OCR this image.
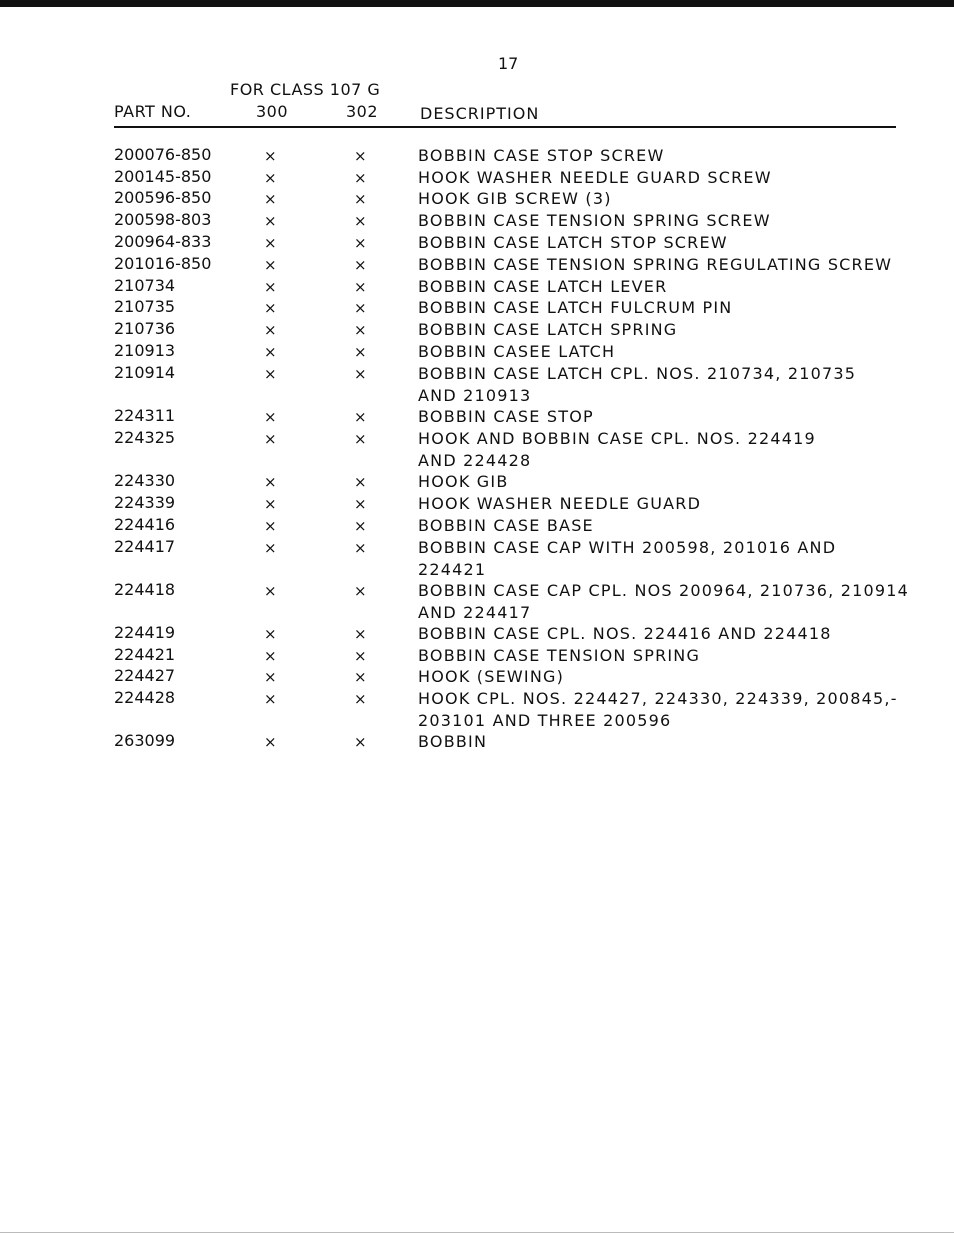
17
FOR CLASS 107 G
PART NO.	300	302	DESCRIPTION
200076-850	×	×	BOBBIN CASE STOP SCREW
200145-850	×	×	HOOK WASHER NEEDLE GUARD SCREW
200596-850	×	×	HOOK GIB SCREW (3)
200598-803	×	×	BOBBIN CASE TENSION SPRING SCREW
200964-833	×	×	BOBBIN CASE LATCH STOP SCREW
201016-850	×	×	BOBBIN CASE TENSION SPRING REGULATING SCREW
210734	×	×	BOBBIN CASE LATCH LEVER
210735	×	×	BOBBIN CASE LATCH FULCRUM PIN
210736	×	×	BOBBIN CASE LATCH SPRING
210913	×	×	BOBBIN CASEE LATCH
210914	×	×	BOBBIN CASE LATCH CPL. NOS. 210734, 210735
AND 210913
224311	×	×	BOBBIN CASE STOP
224325	×	×	HOOK AND BOBBIN CASE CPL. NOS. 224419
AND 224428
224330	×	×	HOOK GIB
224339	×	×	HOOK WASHER NEEDLE GUARD
224416	×	×	BOBBIN CASE BASE
224417	×	×	BOBBIN CASE CAP WITH 200598, 201016 AND
224421
224418	×	×	BOBBIN CASE CAP CPL. NOS 200964, 210736, 210914
AND 224417
224419	×	×	BOBBIN CASE CPL. NOS. 224416 AND 224418
224421	×	×	BOBBIN CASE TENSION SPRING
224427	×	×	HOOK (SEWING)
224428	×	×	HOOK CPL. NOS. 224427, 224330, 224339, 200845,-
203101 AND THREE 200596
263099	×	×	BOBBIN
